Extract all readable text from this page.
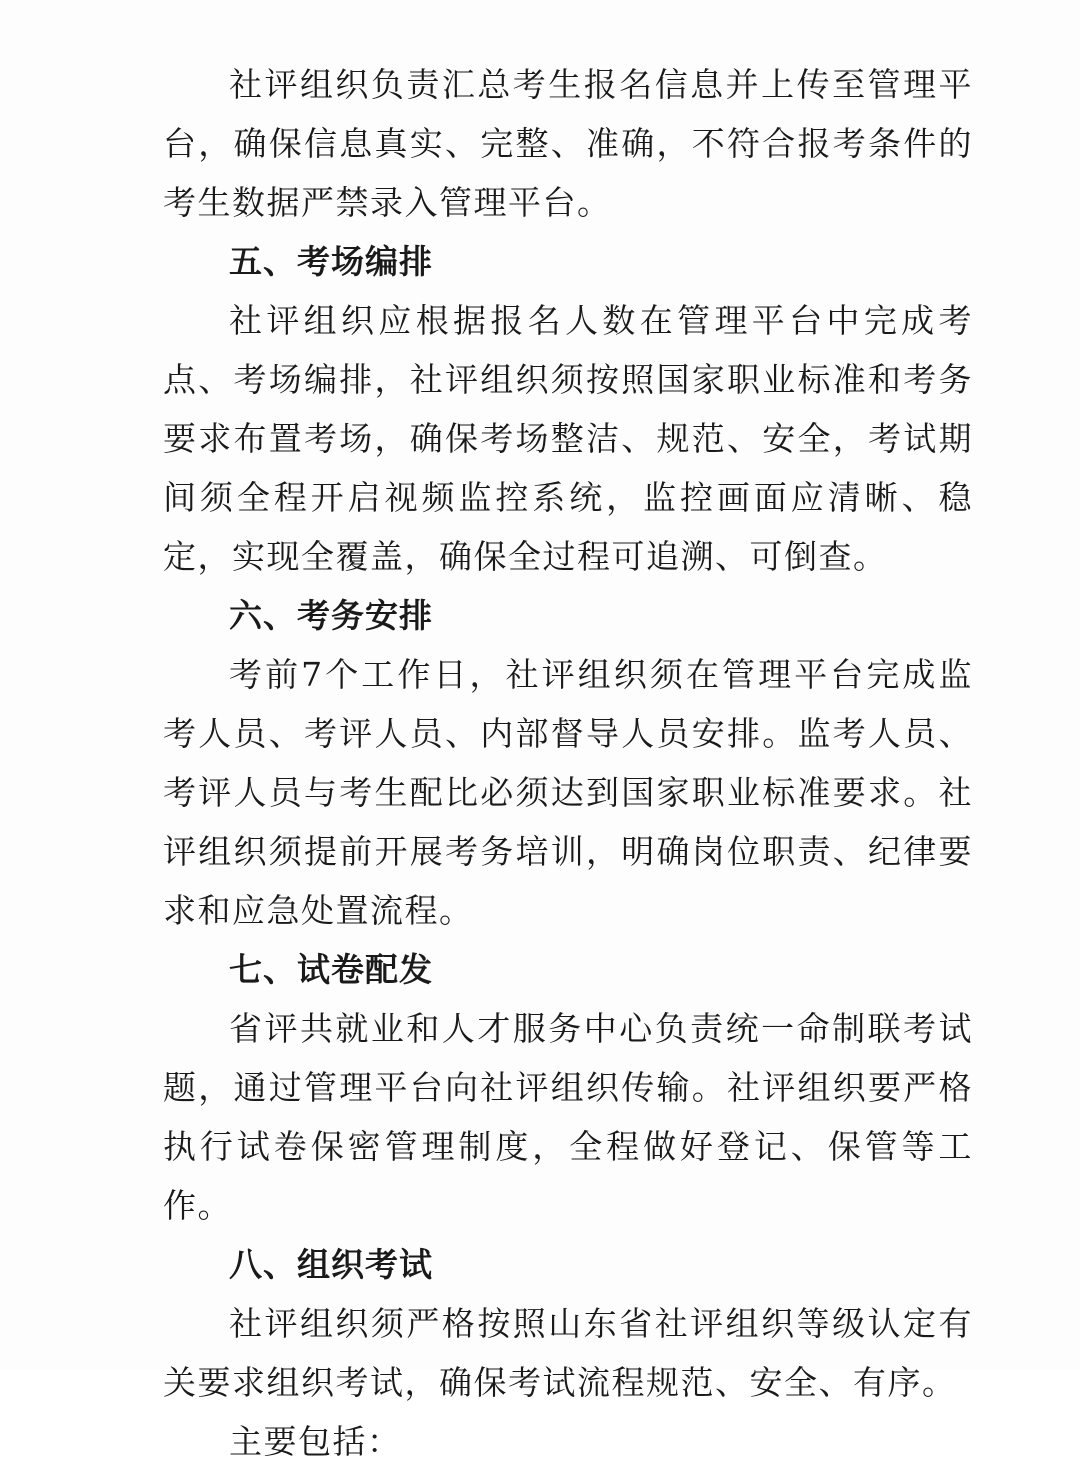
社评组织负责汇总考生报名信息并上传至管理平台，确保信息真实、完整、准确，不符合报考条件的考生数据严禁录入管理平台。

五、考场编排

社评组织应根据报名人数在管理平台中完成考点、考场编排，社评组织须按照国家职业标准和考务要求布置考场，确保考场整洁、规范、安全，考试期间须全程开启视频监控系统，监控画面应清晰、稳定，实现全覆盖，确保全过程可追溯、可倒查。

六、考务安排

考前7个工作日，社评组织须在管理平台完成监考人员、考评人员、内部督导人员安排。监考人员、考评人员与考生配比必须达到国家职业标准要求。社评组织须提前开展考务培训，明确岗位职责、纪律要求和应急处置流程。

七、试卷配发

省评共就业和人才服务中心负责统一命制联考试题，通过管理平台向社评组织传输。社评组织要严格执行试卷保密管理制度，全程做好登记、保管等工作。

八、组织考试

社评组织须严格按照山东省社评组织等级认定有关要求组织考试，确保考试流程规范、安全、有序。

主要包括：
